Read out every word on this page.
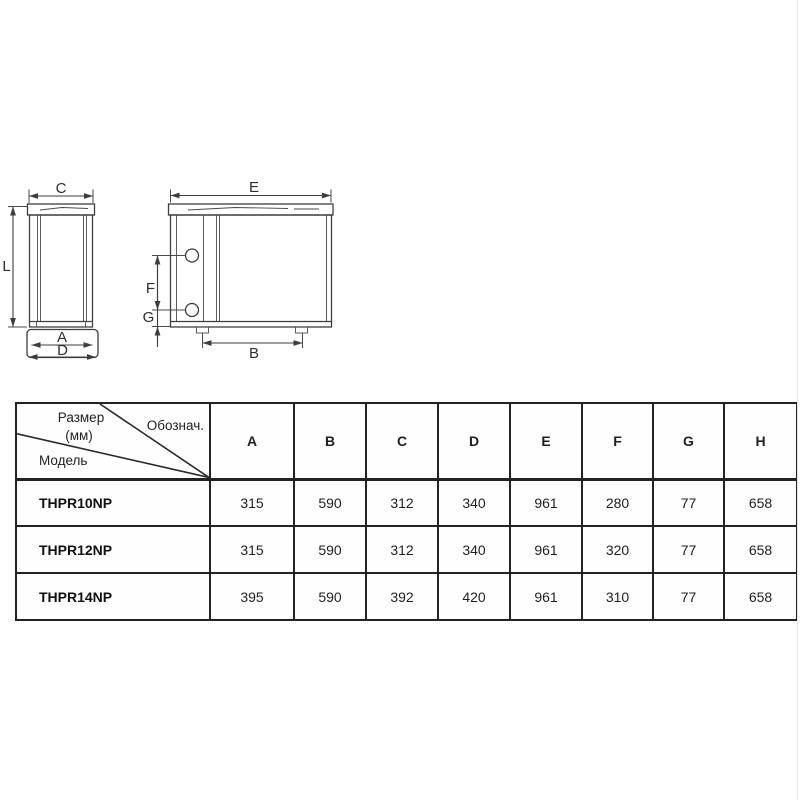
C
L
A
D
E
F
G
B
Размер
(мм)
Обознач.
Модель	A	B	C	D	E	F	G	H
THPR10NP	315	590	312	340	961	280	77	658
THPR12NP	315	590	312	340	961	320	77	658
THPR14NP	395	590	392	420	961	310	77	658
